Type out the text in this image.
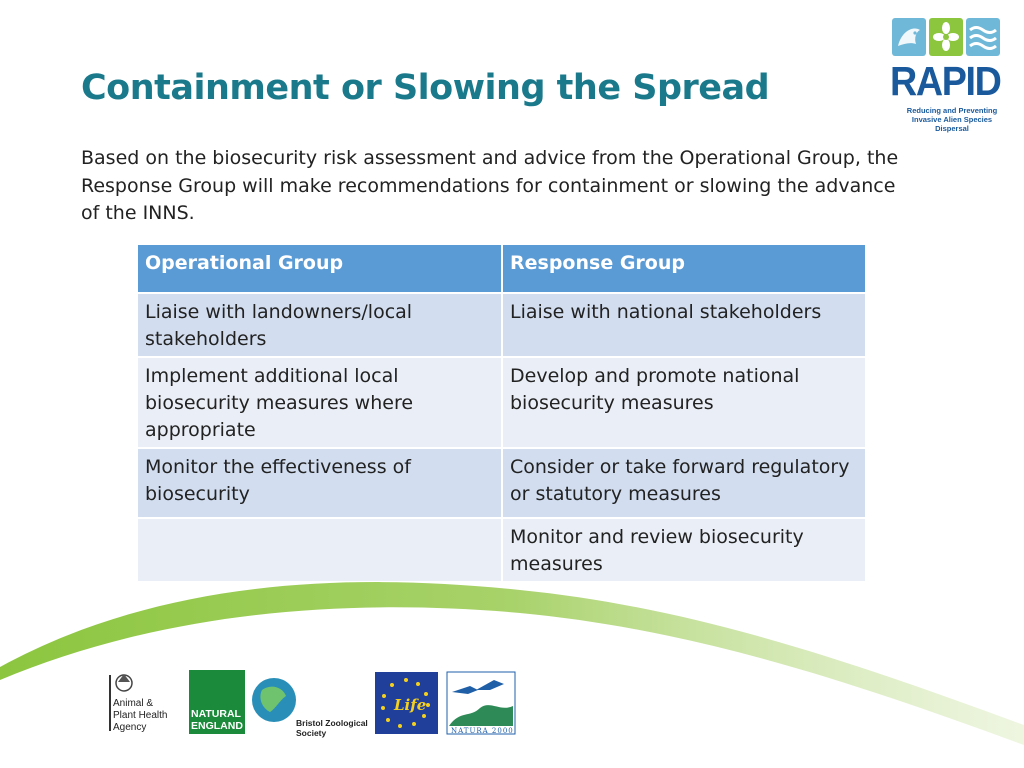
Containment or Slowing the Spread
Based on the biosecurity risk assessment and advice from the Operational Group, the Response Group will make recommendations for containment or slowing the advance of the INNS.
RAPID
Reducing and Preventing Invasive Alien Species Dispersal
Operational Group	Response Group
Liaise with landowners/local stakeholders	Liaise with national stakeholders
Implement additional local biosecurity measures where appropriate	Develop and promote national biosecurity measures
Monitor the effectiveness of biosecurity	Consider or take forward regulatory or statutory measures
	Monitor and review biosecurity measures
Animal &
Plant Health
Agency
NATURAL
ENGLAND	Bristol Zoological
Society
Life
NATURA 2000
